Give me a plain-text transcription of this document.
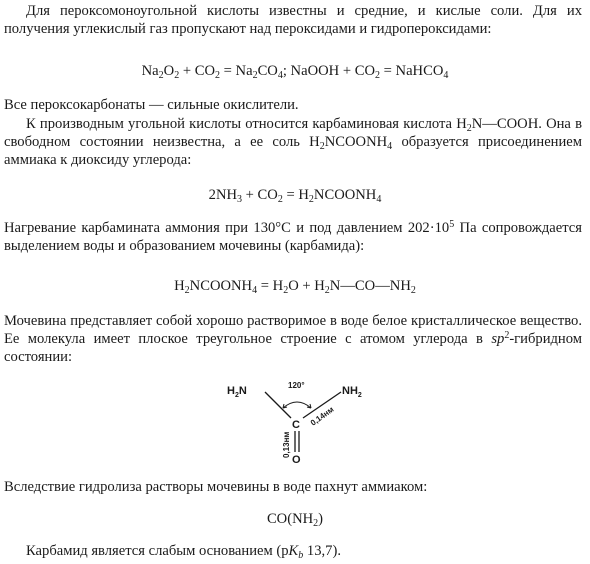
Для пероксомоноугольной кислоты известны и средние, и кислые соли. Для их получения углекислый газ пропускают над пероксидами и гидропероксидами:

$Na_2O_2 + CO_2 = Na_2CO_4$; NaOOH + $CO_2$ = NaHCO$_4$

Все пероксокарбонаты — сильные окислители.

К производным угольной кислоты относится карбаминовая кислота $H_2N—COOH$. Она в свободном состоянии неизвестна, а ее соль $H_2NCOONH_4$ образуется присоединением аммиака к диоксиду углерода:

$2NH_3 + CO_2$ = $H_2NCOONH_4$

Нагревание карбамината аммония при 130°С и под давлением $202\cdot 10^5$ Па сопровождается выделением воды и образованием мочевины (карбамида):

$H_2NCOONH_4 = H_2O$ + $H_2N—CO—NH_2$

Мочевина представляет собой хорошо растворимое в воде белое кристаллическое вещество. Ее молекула имеет плоское треугольное строение с атомом углерода в $sp^2$-гибридном состоянии:

$H_2N$	$NH_2$
120°
C
O
0,14нм
0,13нм

Вследствие гидролиза растворы мочевины в воде пахнут аммиаком:

$CO(NH_2)$

Карбамид является слабым основанием ($pK_b$ 13,7).
